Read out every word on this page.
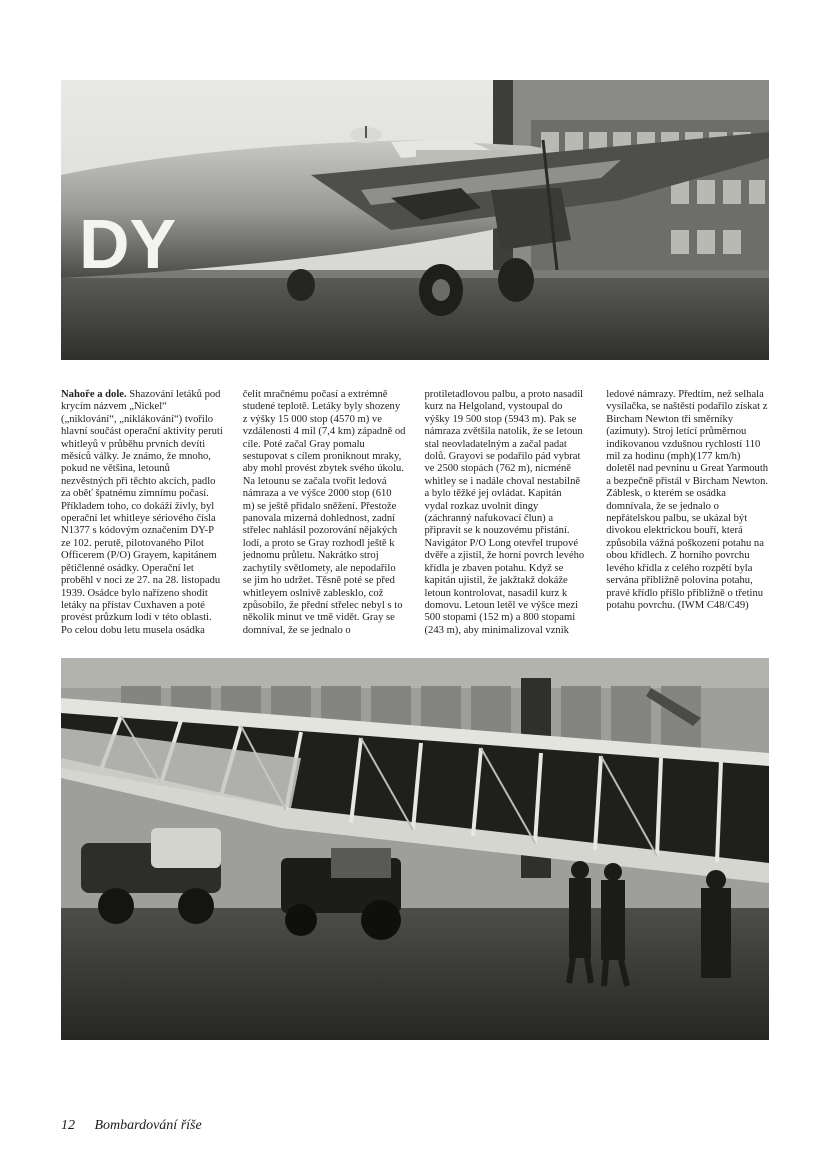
DY
Nahoře a dole. Shazování letáků pod krycím názvem „Nickel“ („niklování“, „niklákování“) tvořilo hlavní součást operační aktivity perutí whitleyů v průběhu prvních devíti měsíců války. Je známo, že mnoho, pokud ne většina, letounů nezvěstných při těchto akcích, padlo za oběť špatnému zimnímu počasí. Příkladem toho, co dokáží živly, byl operační let whitleye sériového čísla N1377 s kódovým označením DY-P ze 102. perutě, pilotovaného Pilot Officerem (P/O) Grayem, kapitánem pětičlenné osádky. Operační let proběhl v noci ze 27. na 28. listopadu 1939. Osádce bylo nařízeno shodit letáky na přístav Cuxhaven a poté provést průzkum lodí v této oblasti. Po celou dobu letu musela osádka čelit mračnému počasí a extrémně studené teplotě. Letáky byly shozeny z výšky 15 000 stop (4570 m) ve vzdálenosti 4 mil (7,4 km) západně od cíle. Poté začal Gray pomalu sestupovat s cílem proniknout mraky, aby mohl provést zbytek svého úkolu. Na letounu se začala tvořit ledová námraza a ve výšce 2000 stop (610 m) se ještě přidalo sněžení. Přestože panovala mizerná dohlednost, zadní střelec nahlásil pozorování nějakých lodí, a proto se Gray rozhodl ještě k jednomu průletu. Nakrátko stroj zachytily světlomety, ale nepodařilo se jim ho udržet. Těsně poté se před whitleyem oslnivě zablesklo, což způsobilo, že přední střelec nebyl s to několik minut ve tmě vidět. Gray se domníval, že se jednalo o protiletadlovou palbu, a proto nasadil kurz na Helgoland, vystoupal do výšky 19 500 stop (5943 m). Pak se námraza zvětšila natolik, že se letoun stal neovladatelným a začal padat dolů. Grayovi se podařilo pád vybrat ve 2500 stopách (762 m), nicméně whitley se i nadále choval nestabilně a bylo těžké jej ovládat. Kapitán vydal rozkaz uvolnit dingy (záchranný nafukovací člun) a připravit se k nouzovému přistání. Navigátor P/O Long otevřel trupové dvěře a zjistil, že horní povrch levého křídla je zbaven potahu. Když se kapitán ujistil, že jakžtakž dokáže letoun kontrolovat, nasadil kurz k domovu. Letoun letěl ve výšce mezi 500 stopami (152 m) a 800 stopami (243 m), aby minimalizoval vznik ledové námrazy. Předtím, než selhala vysílačka, se naštěstí podařilo získat z Bircham Newton tři směrníky (azimuty). Stroj letící průměrnou indikovanou vzdušnou rychlostí 110 mil za hodinu (mph)(177 km/h) doletěl nad pevninu u Great Yarmouth a bezpečně přistál v Bircham Newton. Záblesk, o kterém se osádka domnívala, že se jednalo o nepřátelskou palbu, se ukázal být divokou elektrickou bouří, která způsobila vážná poškození potahu na obou křídlech. Z horního povrchu levého křídla z celého rozpětí byla servána přibližně polovina potahu, pravé křídlo přišlo přibližně o třetinu potahu povrchu. (IWM C48/C49)
12 Bombardování říše
